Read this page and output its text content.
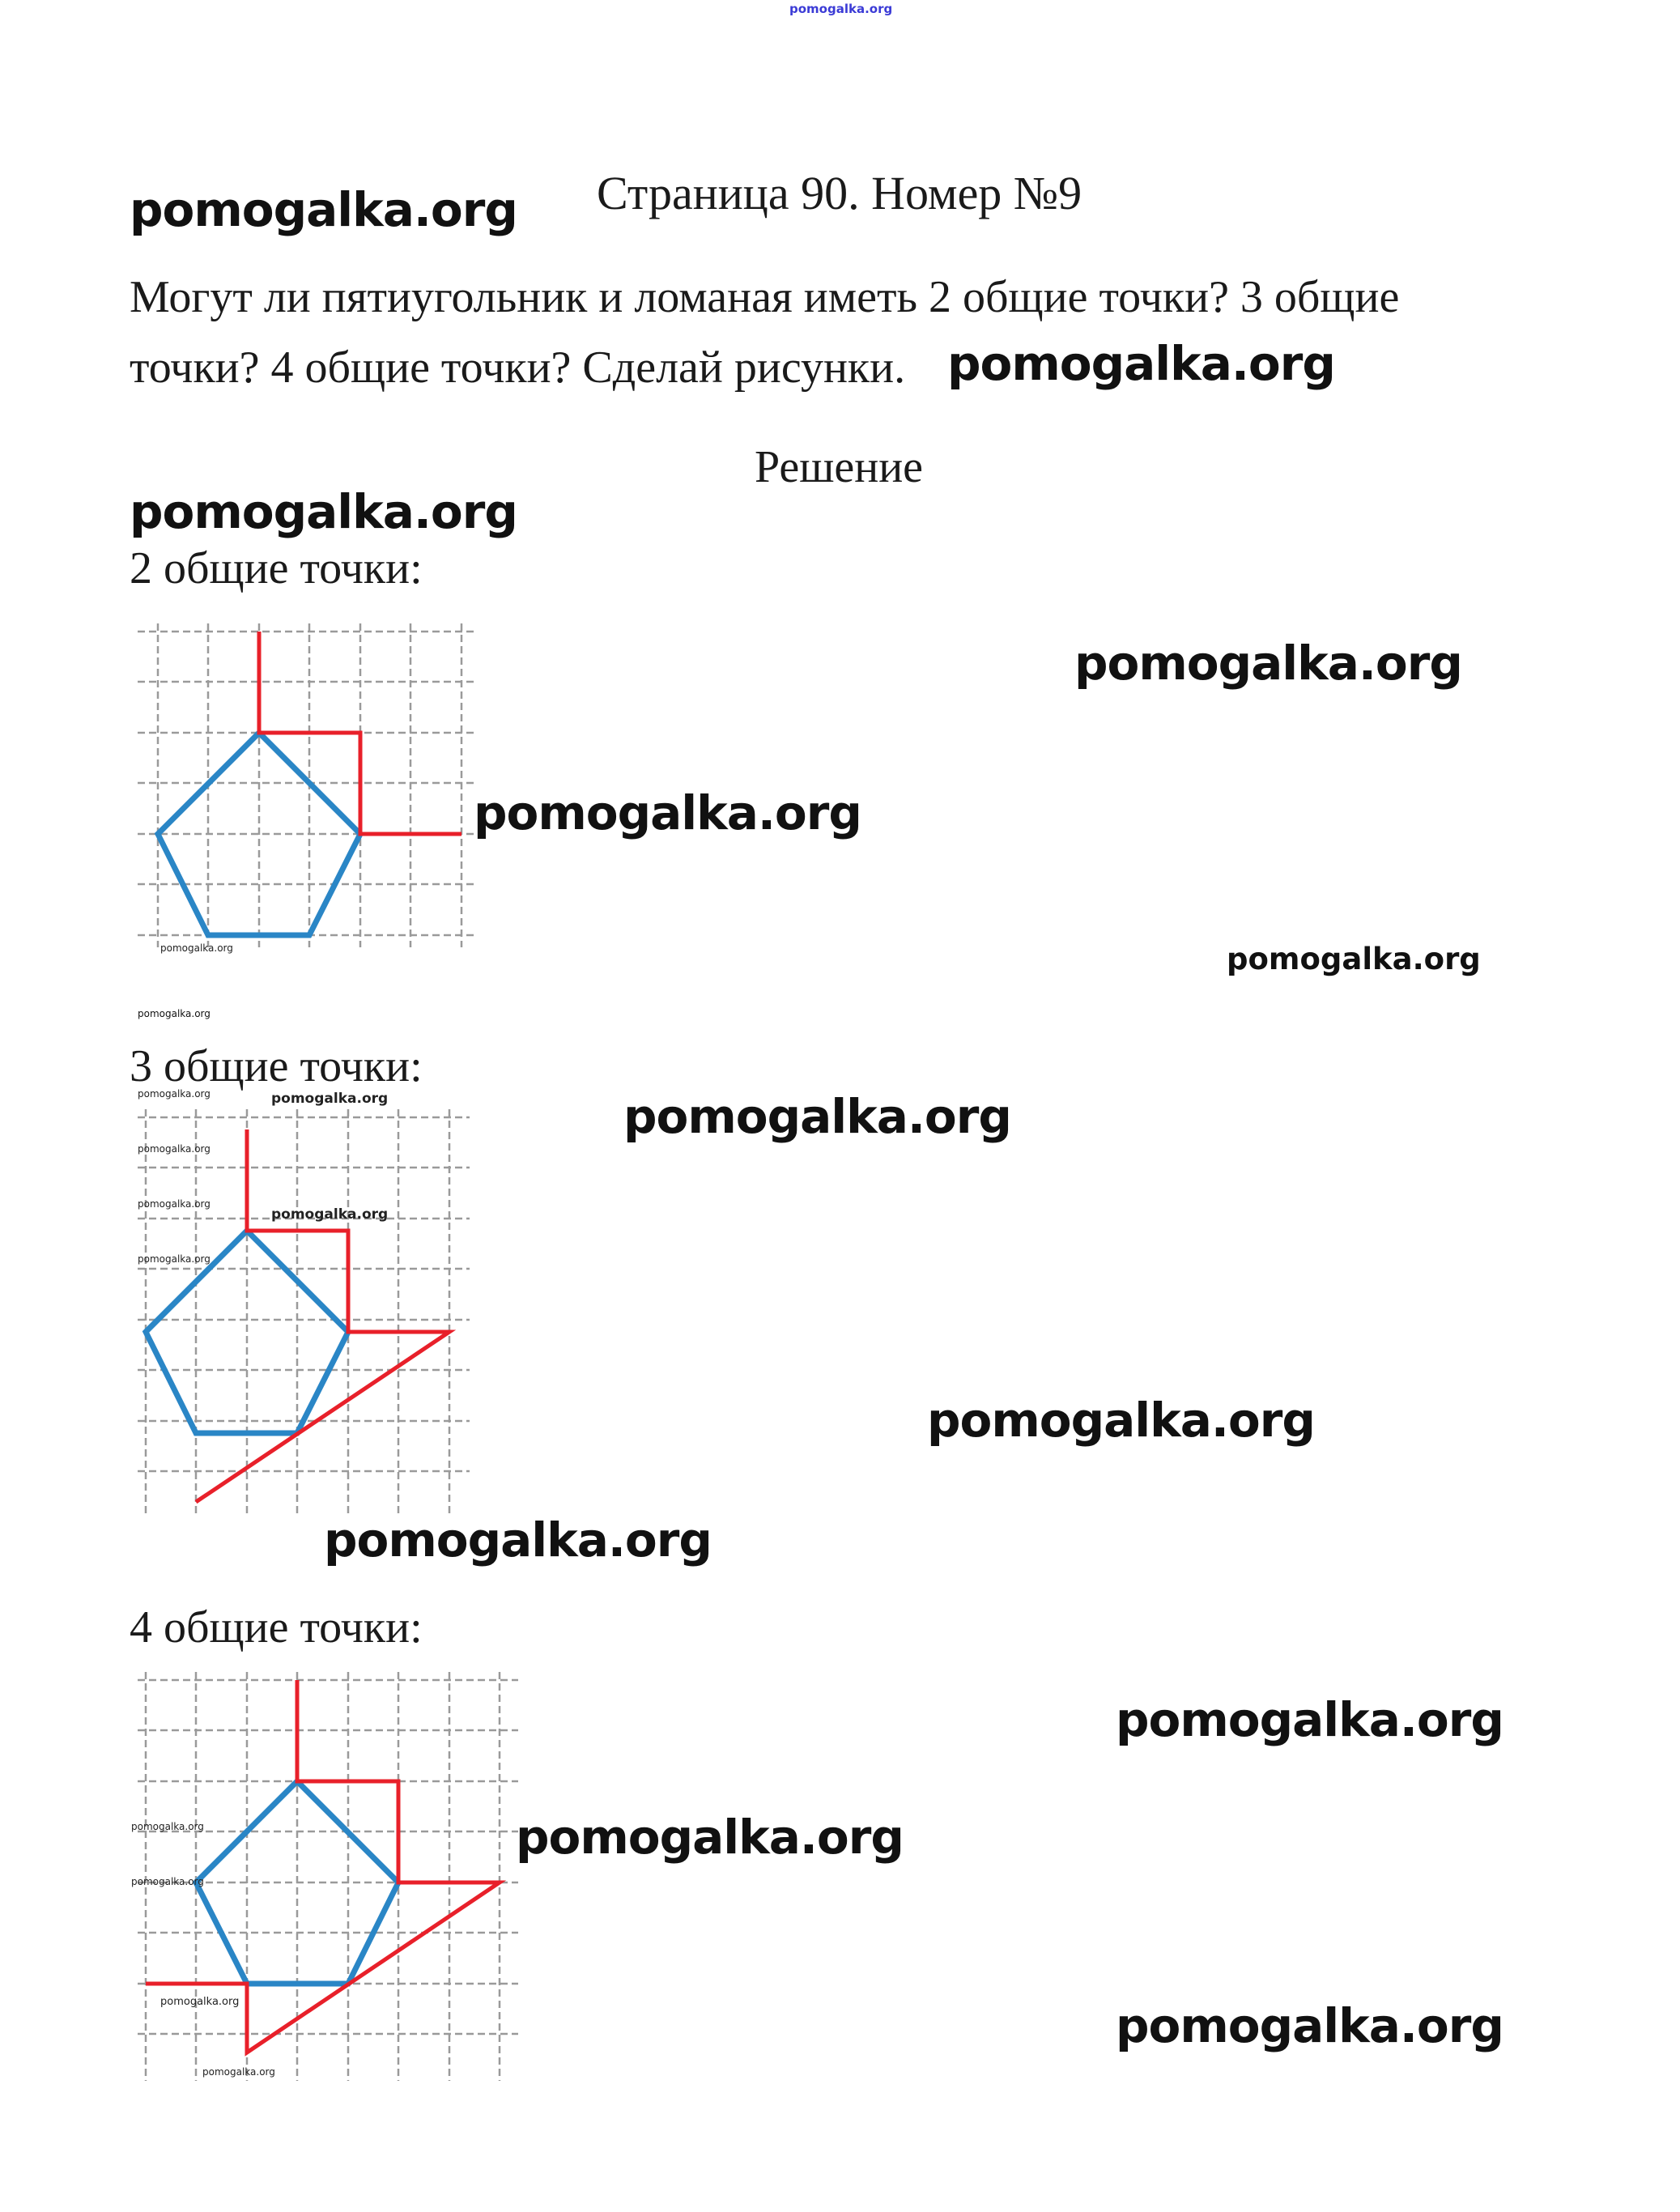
pomogalka.org
pomogalka.org Страница 90. Номер №9
Могут ли пятиугольник и ломаная иметь 2 общие точки? 3 общие
точки? 4 общие точки? Сделай рисунки. pomogalka.org
Решение
pomogalka.org
2 общие точки:
pomogalka.org
pomogalka.org
pomogalka.org
pomogalka.org
pomogalka.org
3 общие точки:
pomogalka.org
pomogalka.org	pomogalka.org
pomogalka.org
pomogalka.org
pomogalka.org
pomogalka.org
pomogalka.org
pomogalka.org
4 общие точки:
pomogalka.org
pomogalka.org
pomogalka.org
pomogalka.org
pomogalka.org
pomogalka.org
pomogalka.org
